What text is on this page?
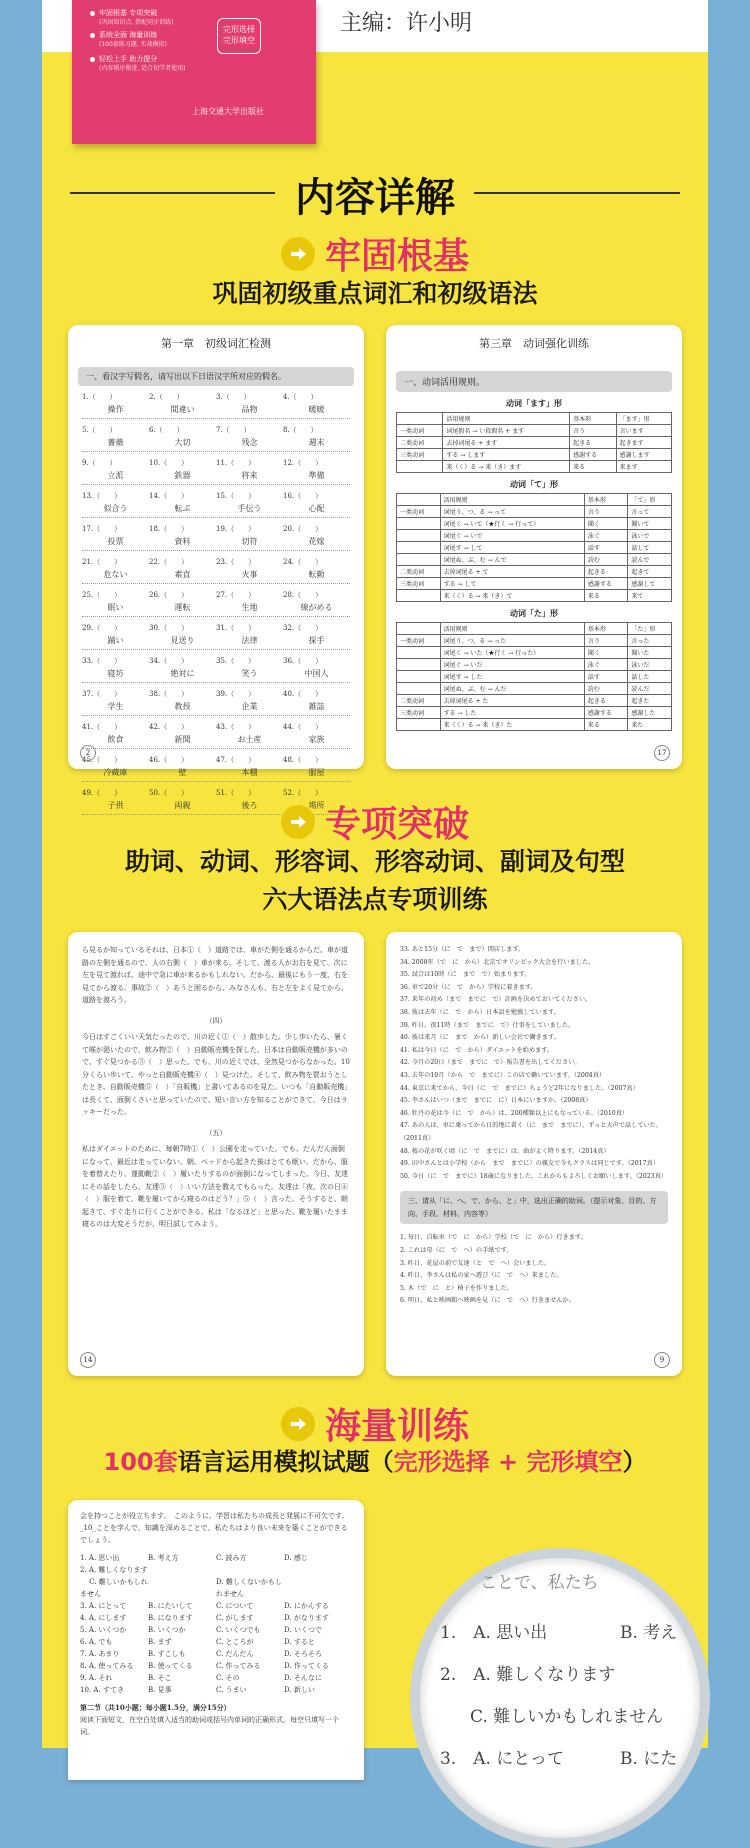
牢固根基 专项突破
(巩固知识点, 搭配同步训练)
系统全面 海量训练
(100套练习题, 实战模拟)
轻松上手 助力提分
(内容循序渐进, 适合初学者使用)
完形选择 完形填空
上海交通大学出版社
主编：许小明
内容详解
牢固根基
巩固初级重点词汇和初级语法
第一章　初级词汇检测
一、看汉字写假名，请写出以下日语汉字所对应的假名。
1.（　　）	2.（　　）	3.（　　）	4.（　　）
操作	間違い	品物	暖暖
5.（　　）	6.（　　）	7.（　　）	8.（　　）
薔薇	大切	残念	週末
9.（　　）	10.（　　）	11.（　　）	12.（　　）
立派	鉄器	将来	準備
13.（　　）	14.（　　）	15.（　　）	16.（　　）
似合う	転ぶ	手伝う	心配
17.（　　）	18.（　　）	19.（　　）	20.（　　）
投票	資料	切符	花嫁
21.（　　）	22.（　　）	23.（　　）	24.（　　）
危ない	素直	火事	転勤
25.（　　）	26.（　　）	27.（　　）	28.（　　）
眠い	運転	生地	線がめる
29.（　　）	30.（　　）	31.（　　）	32.（　　）
踊い	見送り	法律	探手
33.（　　）	34.（　　）	35.（　　）	36.（　　）
寝坊	絶対に	笑う	中国人
37.（　　）	38.（　　）	39.（　　）	40.（　　）
学生	教授	企業	雑誌
41.（　　）	42.（　　）	43.（　　）	44.（　　）
飲食	新聞	お土産	家族
45.（　　）	46.（　　）	47.（　　）	48.（　　）
冷蔵庫	壁	本棚	服屋
49.（　　）	50.（　　）	51.（　　）	52.（　　）
子供	両親	後ろ	場所
2
第三章　动词强化训练
一、动词活用规则。
动词「ます」形
	活用规则	基本形	「ます」形
一类动词	词尾假名 → い段假名 + ます	言う	言います
二类动词	去掉词尾る + ます	起きる	起きます
三类动词	する → します	感謝する	感謝します
	来（く）る → 来（き）ます	来る	来ます
动词「て」形
	活用规则	基本形	「て」形
一类动词	词尾う、つ、る → って	言う	言って
	词尾く → いて（★行く → 行って）	聞く	聞いて
	词尾ぐ → いで	泳ぐ	泳いで
	词尾す → して	話す	話して
	词尾ぬ、ぶ、む → んで	読む	読んで
二类动词	去掉词尾る + て	起きる	起きて
三类动词	する → して	感謝する	感謝して
	来（く）る → 来（き）て	来る	来て
动词「た」形
	活用规则	基本形	「た」形
一类动词	词尾う、つ、る → った	言う	言った
	词尾く → いた（★行く → 行った）	聞く	聞いた
	词尾ぐ → いだ	泳ぐ	泳いだ
	词尾す → した	話す	話した
	词尾ぬ、ぶ、む → んだ	読む	読んだ
二类动词	去掉词尾る + た	起きる	起きた
三类动词	する → した	感謝する	感謝した
	来（く）る → 来（き）た	来る	来た
17
专项突破
助词、动词、形容词、形容动词、副词及句型
六大语法点专项训练
ら見るか知っているそれは、日本①（　）道路では、車がた側を通るからだ。車が道路の左側を通るので、人の右側（　）車が来る。そして、渡る人がお右を見て、次に左を見て渡れば、途中で急に車が来るかもしれない。だから、最後にもう一度、右を見てから渡る。事故②（　）あうと困るから、みなさんも、右と左をよく見てから、道路を渡ろう。
（四）
今日はすごくいい天気だったので、川の近く①（　）散歩した。少し歩いたら、暑くて喉が渇いたので、飲み物②（　）自動販売機を探した。日本は自動販売機が多いので、すぐ見つかる③（　）思った。でも、川の近くでは、全然見つからなかった。10分くらい歩いて、やっと自動販売機④（　）見つけた。そして、飲み物を買おうとしたとき、自動販売機⑤（　）「自販機」と書いてあるのを見た。いつも「自動販売機」は長くて、面倒くさいと思っていたので、短い言い方を知ることができて、今日はラッキーだった。
（五）
私はダイエットのために、毎朝7時①（　）公園を走っていた。でも、だんだん面倒になって、最近は走っていない。朝、ベッドから起きた後はとても眠い。だから、服を着替えたり、運動靴②（　）履いたりするのが面倒になってしまった。今日、友達にその話をしたら、友達③（　）いい方法を教えてもらった。友達は「夜、次の日④（　）服を着て、靴を履いてから寝るのはどう？」⑤（　）言った。そうすると、朝起きて、すぐ走りに行くことができる。私は「なるほど」と思った。靴を履いたまま寝るのは大変そうだが、明日試してみよう。
14
33. あと15分（に　で　まで）閉店します。
34. 2008年（で　に　から）北京でオリンピック大会を行いました。
35. 試合は10時（に　まで　で）始まります。
36. 車で20分（に　で　から）学校に着きます。
37. 来年の初め（まで　までに　で）計画を決めておいてください。
38. 彼は去年（に　で　から）日本語を勉強しています。
39. 昨日、夜11時（まで　までに　で）仕事をしていました。
40. 彼は来月（に　まで　から）新しい会社で働きます。
41. 私は今日（に　で　から）ダイエットを始めます。
42. 今月の20日（まで　までに　で）報告書を出してください。
43. 去年の10月（から　で　までに）この店で働いています。（2004真）
44. 東京に来てから、今日（に　で　までに）ちょうど2年になりました。（2007真）
45. 李さんはいつ（まで　までに　に）日本にいますか。（2008真）
46. 牡丹の花は今（に　で　から）は、200種類以上にもなっている。（2010真）
47. あの人は、車に乗ってから日的地に着く（に　まで　までに）、ずっと大声で話していた。（2011真）
48. 桜の花が咲く頃（に　で　までに）は、曲がよく降ります。（2014真）
49. 田中さんとは小学校（から　まで　までに）の親友で今もクラスは同じです。（2017真）
50. 今日（に　で　までに）18歳になりました。これからもよろしくお願いします。（2023真）
三、请从「に、へ、で、から、と」中，选出正确的助词。（提示对象、目的、方向、手段、材料、内容等）
1. 毎日、自転車（で　に　から）学校（で　に　から）行きます。
2. これは母（に　で　へ）の手紙です。
3. 昨日、花屋の前で友達（と　で　へ）会いました。
4. 昨日、李さんは私の家へ遊び（に　で　へ）来ました。
5. 木（で　に　と）椅子を作りました。
6. 明日、私と映画館へ映画を見（に　で　へ）行きませんか。
9
海量训练
100套语言运用模拟试题（完形选择 + 完形填空）
会を持つことが役立ちます。　このように、学習は私たちの成長と発展に不可欠です。_10_ことを学んで、知識を深めることで、私たちはより良い未来を築くことができるでしょう。
1. A. 思い出	B. 考え方	C. 読み方	D. 感じ
2. A. 難しくなります
　 C. 難しいかもしれません
D. 難しくないかもしれません
3. A. にとって	B. にたいして	C. について	D. にかんする
4. A. にします	B. になります	C. がします	D. がなります
5. A. いくつか	B. いくつか	C. いくつでも	D. いくつで
6. A. でも	B. まず	C. ところが	D. すると
7. A. あまり	B. すこしも	C. だんだん	D. そろそろ
8. A. 使ってみる	B. 使ってくる	C. 作ってみる	D. 作ってくる
9. A. それ	B. そこ	C. その	D. そんなに
10. A. すてき	B. 見事	C. うまい	D. 新しい
第二节（共10小题；每小题1.5分，满分15分）
阅读下面短文，在空白处填入适当的助词或括号内单词的正确形式，每空只填写一个词。
ことで、私たち
1.　A. 思い出	B. 考え
2.　A. 難しくなります
C. 難しいかもしれません
3.　A. にとって	B. にた
